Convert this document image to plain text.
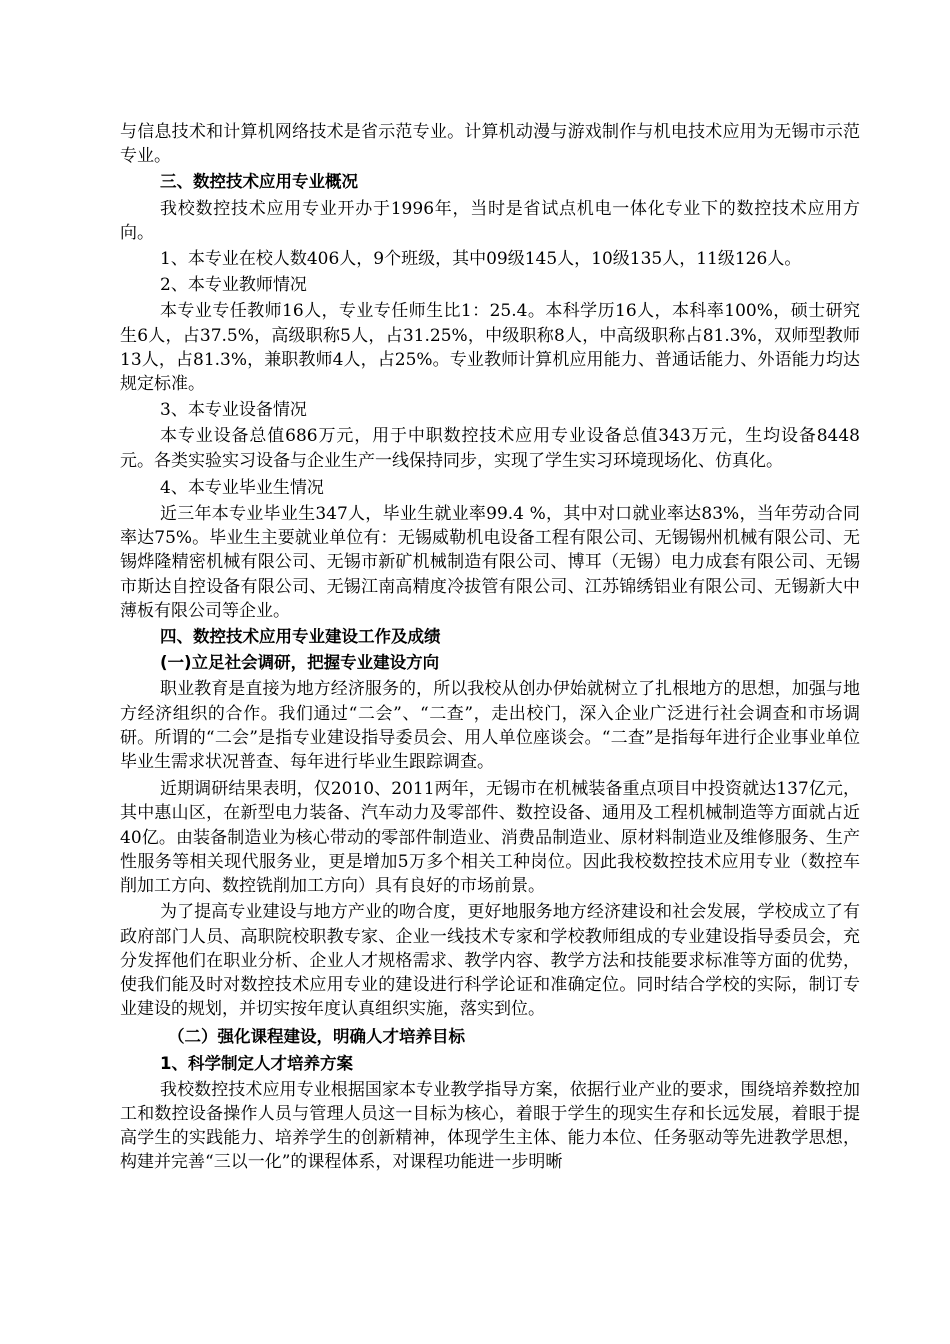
与信息技术和计算机网络技术是省示范专业。计算机动漫与游戏制作与机电技术应用为无锡市示范专业。

三、数控技术应用专业概况

我校数控技术应用专业开办于1996年，当时是省试点机电一体化专业下的数控技术应用方向。

1、本专业在校人数406人，9个班级，其中09级145人，10级135人，11级126人。

2、本专业教师情况

本专业专任教师16人，专业专任师生比1：25.4。本科学历16人，本科率100%，硕士研究生6人，占37.5%，高级职称5人，占31.25%，中级职称8人，中高级职称占81.3%，双师型教师13人，占81.3%，兼职教师4人，占25%。专业教师计算机应用能力、普通话能力、外语能力均达规定标准。

3、本专业设备情况

本专业设备总值686万元，用于中职数控技术应用专业设备总值343万元，生均设备8448元。各类实验实习设备与企业生产一线保持同步，实现了学生实习环境现场化、仿真化。

4、本专业毕业生情况

近三年本专业毕业生347人，毕业生就业率99.4 %，其中对口就业率达83%，当年劳动合同率达75%。毕业生主要就业单位有：无锡威勒机电设备工程有限公司、无锡锡州机械有限公司、无锡烨隆精密机械有限公司、无锡市新矿机械制造有限公司、博耳（无锡）电力成套有限公司、无锡市斯达自控设备有限公司、无锡江南高精度冷拔管有限公司、江苏锦绣铝业有限公司、无锡新大中薄板有限公司等企业。

四、数控技术应用专业建设工作及成绩

(一)立足社会调研，把握专业建设方向

职业教育是直接为地方经济服务的，所以我校从创办伊始就树立了扎根地方的思想，加强与地方经济组织的合作。我们通过“二会”、“二查”，走出校门，深入企业广泛进行社会调查和市场调研。所谓的“二会”是指专业建设指导委员会、用人单位座谈会。“二查”是指每年进行企业事业单位毕业生需求状况普查、每年进行毕业生跟踪调查。

近期调研结果表明，仅2010、2011两年，无锡市在机械装备重点项目中投资就达137亿元，其中惠山区，在新型电力装备、汽车动力及零部件、数控设备、通用及工程机械制造等方面就占近40亿。由装备制造业为核心带动的零部件制造业、消费品制造业、原材料制造业及维修服务、生产性服务等相关现代服务业，更是增加5万多个相关工种岗位。因此我校数控技术应用专业（数控车削加工方向、数控铣削加工方向）具有良好的市场前景。

为了提高专业建设与地方产业的吻合度，更好地服务地方经济建设和社会发展，学校成立了有政府部门人员、高职院校职教专家、企业一线技术专家和学校教师组成的专业建设指导委员会，充分发挥他们在职业分析、企业人才规格需求、教学内容、教学方法和技能要求标准等方面的优势，使我们能及时对数控技术应用专业的建设进行科学论证和准确定位。同时结合学校的实际，制订专业建设的规划，并切实按年度认真组织实施，落实到位。

（二）强化课程建设，明确人才培养目标

1、科学制定人才培养方案

我校数控技术应用专业根据国家本专业教学指导方案，依据行业产业的要求，围绕培养数控加工和数控设备操作人员与管理人员这一目标为核心，着眼于学生的现实生存和长远发展，着眼于提高学生的实践能力、培养学生的创新精神，体现学生主体、能力本位、任务驱动等先进教学思想，构建并完善“三以一化”的课程体系，对课程功能进一步明晰
